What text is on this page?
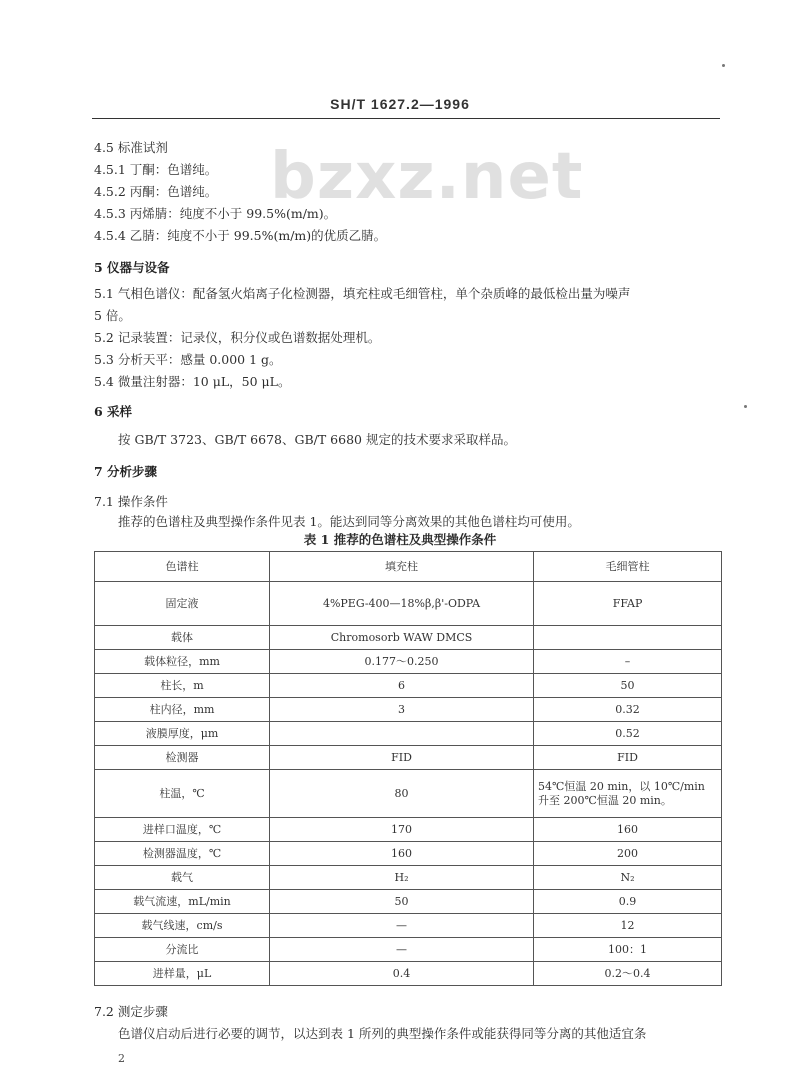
SH/T 1627.2—1996
bzxz.net
4.5 标准试剂
4.5.1 丁酮：色谱纯。
4.5.2 丙酮：色谱纯。
4.5.3 丙烯腈：纯度不小于 99.5%(m/m)。
4.5.4 乙腈：纯度不小于 99.5%(m/m)的优质乙腈。
5 仪器与设备
5.1 气相色谱仪：配备氢火焰离子化检测器，填充柱或毛细管柱，单个杂质峰的最低检出量为噪声
5 倍。
5.2 记录装置：记录仪，积分仪或色谱数据处理机。
5.3 分析天平：感量 0.000 1 g。
5.4 微量注射器：10 μL，50 μL。
6 采样
按 GB/T 3723、GB/T 6678、GB/T 6680 规定的技术要求采取样品。
7 分析步骤
7.1 操作条件
推荐的色谱柱及典型操作条件见表 1。能达到同等分离效果的其他色谱柱均可使用。
表 1 推荐的色谱柱及典型操作条件
色谱柱	填充柱	毛细管柱
固定液	4%PEG-400—18%β,β'-ODPA	FFAP
载体	Chromosorb WAW DMCS	
载体粒径，mm	0.177～0.250	–
柱长，m	6	50
柱内径，mm	3	0.32
液膜厚度，μm		0.52
检测器	FID	FID
柱温，℃	80	54℃恒温 20 min，以 10℃/min 升至 200℃恒温 20 min。
进样口温度，℃	170	160
检测器温度，℃	160	200
载气	H₂	N₂
载气流速，mL/min	50	0.9
载气线速，cm/s	—	12
分流比	—	100：1
进样量，μL	0.4	0.2～0.4
7.2 测定步骤
色谱仪启动后进行必要的调节，以达到表 1 所列的典型操作条件或能获得同等分离的其他适宜条
2
